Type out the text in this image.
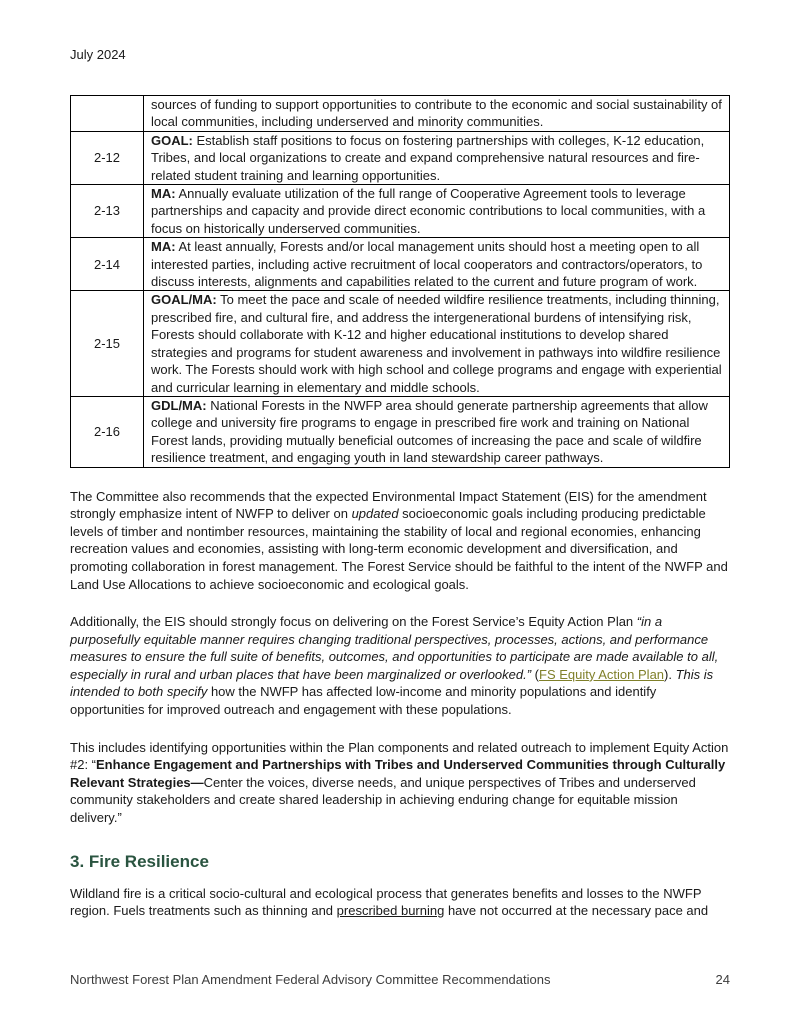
July 2024
	sources of funding to support opportunities to contribute to the economic and social sustainability of local communities, including underserved and minority communities.
2-12	GOAL: Establish staff positions to focus on fostering partnerships with colleges, K-12 education, Tribes, and local organizations to create and expand comprehensive natural resources and fire-related student training and learning opportunities.
2-13	MA: Annually evaluate utilization of the full range of Cooperative Agreement tools to leverage partnerships and capacity and provide direct economic contributions to local communities, with a focus on historically underserved communities.
2-14	MA: At least annually, Forests and/or local management units should host a meeting open to all interested parties, including active recruitment of local cooperators and contractors/operators, to discuss interests, alignments and capabilities related to the current and future program of work.
2-15	GOAL/MA: To meet the pace and scale of needed wildfire resilience treatments, including thinning, prescribed fire, and cultural fire, and address the intergenerational burdens of intensifying risk, Forests should collaborate with K-12 and higher educational institutions to develop shared strategies and programs for student awareness and involvement in pathways into wildfire resilience work. The Forests should work with high school and college programs and engage with experiential and curricular learning in elementary and middle schools.
2-16	GDL/MA: National Forests in the NWFP area should generate partnership agreements that allow college and university fire programs to engage in prescribed fire work and training on National Forest lands, providing mutually beneficial outcomes of increasing the pace and scale of wildfire resilience treatment, and engaging youth in land stewardship career pathways.

The Committee also recommends that the expected Environmental Impact Statement (EIS) for the amendment strongly emphasize intent of NWFP to deliver on updated socioeconomic goals including producing predictable levels of timber and nontimber resources, maintaining the stability of local and regional economies, enhancing recreation values and economies, assisting with long-term economic development and diversification, and promoting collaboration in forest management. The Forest Service should be faithful to the intent of the NWFP and Land Use Allocations to achieve socioeconomic and ecological goals.

Additionally, the EIS should strongly focus on delivering on the Forest Service’s Equity Action Plan “in a purposefully equitable manner requires changing traditional perspectives, processes, actions, and performance measures to ensure the full suite of benefits, outcomes, and opportunities to participate are made available to all, especially in rural and urban places that have been marginalized or overlooked.” (FS Equity Action Plan). This is intended to both specify how the NWFP has affected low-income and minority populations and identify opportunities for improved outreach and engagement with these populations.

This includes identifying opportunities within the Plan components and related outreach to implement Equity Action #2: “Enhance Engagement and Partnerships with Tribes and Underserved Communities through Culturally Relevant Strategies—Center the voices, diverse needs, and unique perspectives of Tribes and underserved community stakeholders and create shared leadership in achieving enduring change for equitable mission delivery.”

3. Fire Resilience

Wildland fire is a critical socio-cultural and ecological process that generates benefits and losses to the NWFP region. Fuels treatments such as thinning and prescribed burning have not occurred at the necessary pace and

Northwest Forest Plan Amendment Federal Advisory Committee Recommendations	24
